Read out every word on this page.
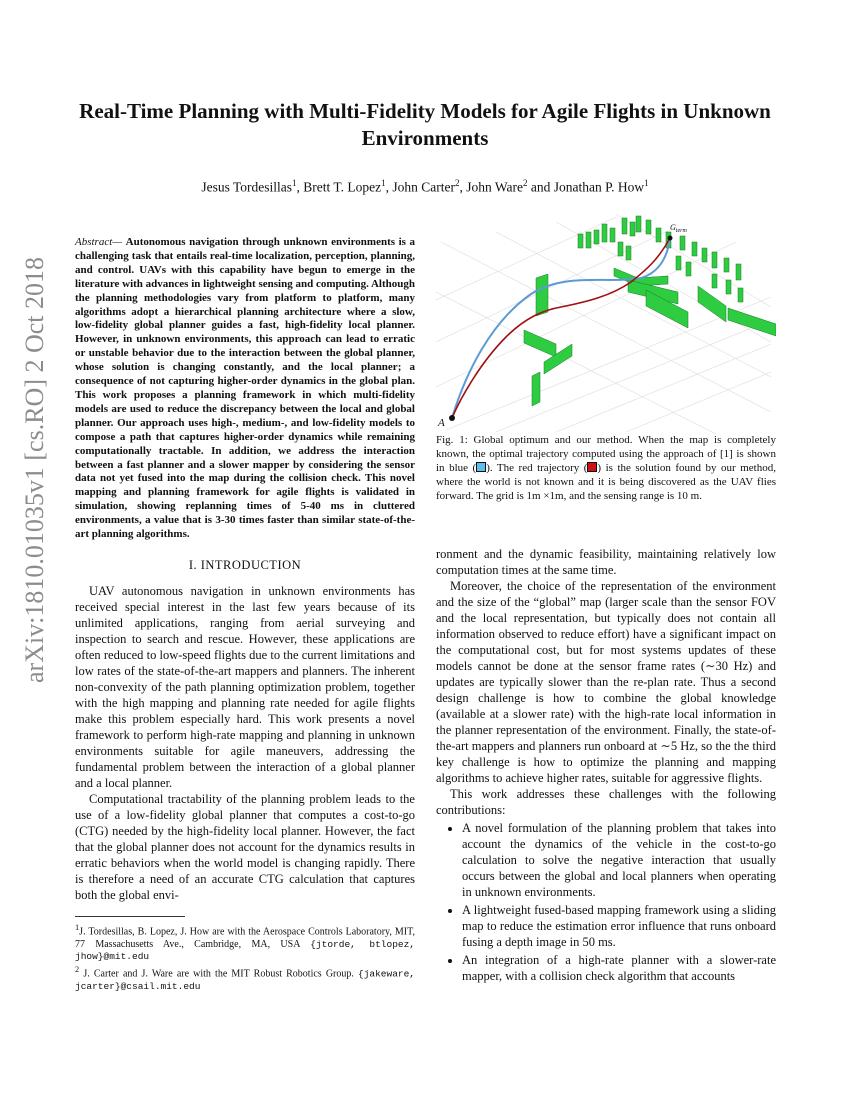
Real-Time Planning with Multi-Fidelity Models for Agile Flights in Unknown Environments
Jesus Tordesillas$^1$, Brett T. Lopez$^1$, John Carter$^2$, John Ware$^2$ and Jonathan P. How$^1$
arXiv:1810.01035v1 [cs.RO] 2 Oct 2018

Abstract— Autonomous navigation through unknown environments is a challenging task that entails real-time localization, perception, planning, and control. UAVs with this capability have begun to emerge in the literature with advances in lightweight sensing and computing. Although the planning methodologies vary from platform to platform, many algorithms adopt a hierarchical planning architecture where a slow, low-fidelity global planner guides a fast, high-fidelity local planner. However, in unknown environments, this approach can lead to erratic or unstable behavior due to the interaction between the global planner, whose solution is changing constantly, and the local planner; a consequence of not capturing higher-order dynamics in the global plan. This work proposes a planning framework in which multi-fidelity models are used to reduce the discrepancy between the local and global planner. Our approach uses high-, medium-, and low-fidelity models to compose a path that captures higher-order dynamics while remaining computationally tractable. In addition, we address the interaction between a fast planner and a slower mapper by considering the sensor data not yet fused into the map during the collision check. This novel mapping and planning framework for agile flights is validated in simulation, showing replanning times of 5-40 ms in cluttered environments, a value that is 3-30 times faster than similar state-of-the-art planning algorithms.

I. INTRODUCTION

UAV autonomous navigation in unknown environments has received special interest in the last few years because of its unlimited applications, ranging from aerial surveying and inspection to search and rescue. However, these applications are often reduced to low-speed flights due to the current limitations and low rates of the state-of-the-art mappers and planners. The inherent non-convexity of the path planning optimization problem, together with the high mapping and planning rate needed for agile flights make this problem especially hard. This work presents a novel framework to perform high-rate mapping and planning in unknown environments suitable for agile maneuvers, addressing the fundamental problem between the interaction of a global planner and a local planner.

Computational tractability of the planning problem leads to the use of a low-fidelity global planner that computes a cost-to-go (CTG) needed by the high-fidelity local planner. However, the fact that the global planner does not account for the dynamics results in erratic behaviors when the world model is changing rapidly. There is therefore a need of an accurate CTG calculation that captures both the global envi-

$^1$J. Tordesillas, B. Lopez, J. How are with the Aerospace Controls Laboratory, MIT, 77 Massachusetts Ave., Cambridge, MA, USA {jtorde, btlopez, jhow}@mit.edu

$^2$ J. Carter and J. Ware are with the MIT Robust Robotics Group. {jakeware, jcarter}@csail.mit.edu

A
$G_{term}$
Fig. 1: Global optimum and our method. When the map is completely known, the optimal trajectory computed using the approach of [1] is shown in blue ( ). The red trajectory ( ) is the solution found by our method, where the world is not known and it is being discovered as the UAV flies forward. The grid is 1m ×1m, and the sensing range is 10 m.

ronment and the dynamic feasibility, maintaining relatively low computation times at the same time.

Moreover, the choice of the representation of the environment and the size of the “global” map (larger scale than the sensor FOV and the local representation, but typically does not contain all information observed to reduce effort) have a significant impact on the computational cost, but for most systems updates of these models cannot be done at the sensor frame rates (∼30 Hz) and updates are typically slower than the re-plan rate. Thus a second design challenge is how to combine the global knowledge (available at a slower rate) with the high-rate local information in the planner representation of the environment. Finally, the state-of-the-art mappers and planners run onboard at ∼5 Hz, so the the third key challenge is how to optimize the planning and mapping algorithms to achieve higher rates, suitable for aggressive flights.

This work addresses these challenges with the following contributions:

• A novel formulation of the planning problem that takes into account the dynamics of the vehicle in the cost-to-go calculation to solve the negative interaction that usually occurs between the global and local planners when operating in unknown environments.
• A lightweight fused-based mapping framework using a sliding map to reduce the estimation error influence that runs onboard fusing a depth image in 50 ms.
• An integration of a high-rate planner with a slower-rate mapper, with a collision check algorithm that accounts
